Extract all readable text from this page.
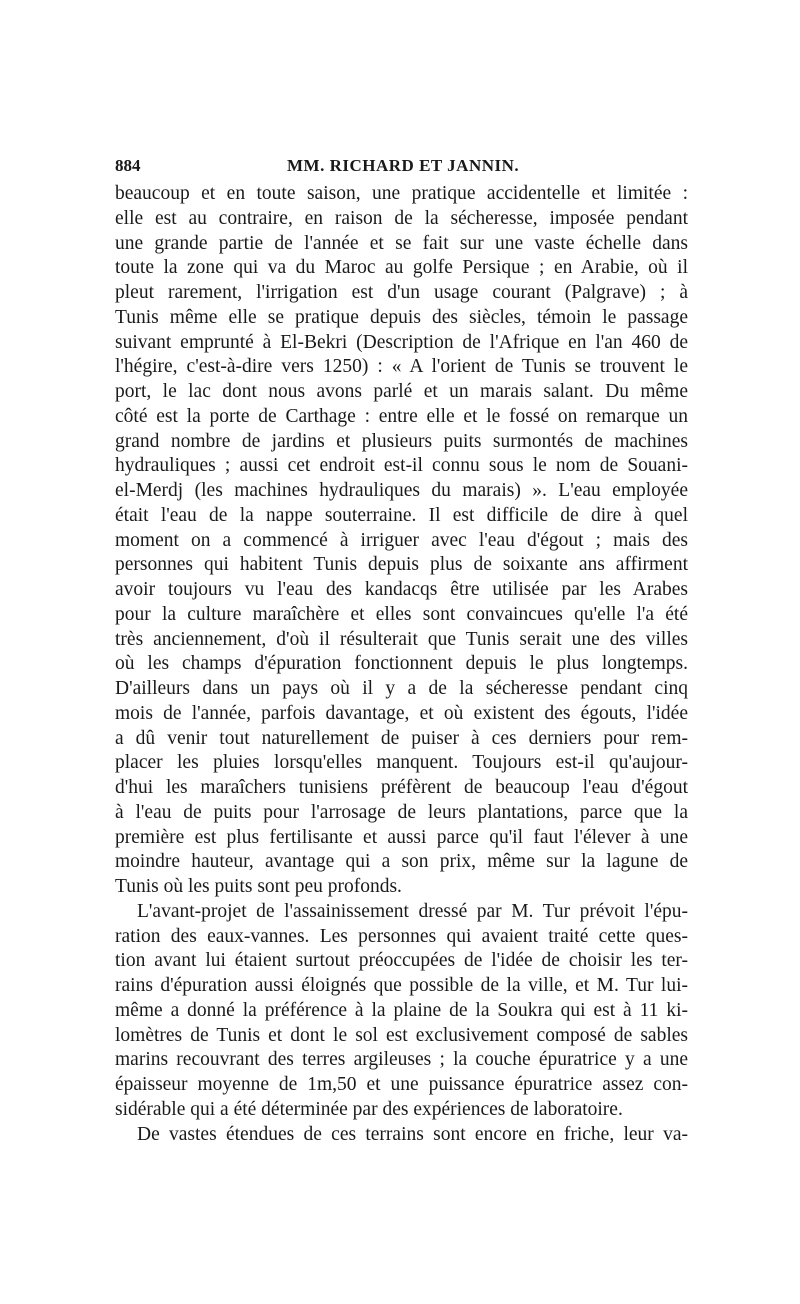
884	MM. RICHARD ET JANNIN.
beaucoup et en toute saison, une pratique accidentelle et limitée :
elle est au contraire, en raison de la sécheresse, imposée pendant
une grande partie de l'année et se fait sur une vaste échelle dans
toute la zone qui va du Maroc au golfe Persique ; en Arabie, où il
pleut rarement, l'irrigation est d'un usage courant (Palgrave) ; à
Tunis même elle se pratique depuis des siècles, témoin le passage
suivant emprunté à El-Bekri (Description de l'Afrique en l'an 460 de
l'hégire, c'est-à-dire vers 1250) : « A l'orient de Tunis se trouvent le
port, le lac dont nous avons parlé et un marais salant. Du même
côté est la porte de Carthage : entre elle et le fossé on remarque un
grand nombre de jardins et plusieurs puits surmontés de machines
hydrauliques ; aussi cet endroit est-il connu sous le nom de Souani-
el-Merdj (les machines hydrauliques du marais) ». L'eau employée
était l'eau de la nappe souterraine. Il est difficile de dire à quel
moment on a commencé à irriguer avec l'eau d'égout ; mais des
personnes qui habitent Tunis depuis plus de soixante ans affirment
avoir toujours vu l'eau des kandacqs être utilisée par les Arabes
pour la culture maraîchère et elles sont convaincues qu'elle l'a été
très anciennement, d'où il résulterait que Tunis serait une des villes
où les champs d'épuration fonctionnent depuis le plus longtemps.
D'ailleurs dans un pays où il y a de la sécheresse pendant cinq
mois de l'année, parfois davantage, et où existent des égouts, l'idée
a dû venir tout naturellement de puiser à ces derniers pour rem-
placer les pluies lorsqu'elles manquent. Toujours est-il qu'aujour-
d'hui les maraîchers tunisiens préfèrent de beaucoup l'eau d'égout
à l'eau de puits pour l'arrosage de leurs plantations, parce que la
première est plus fertilisante et aussi parce qu'il faut l'élever à une
moindre hauteur, avantage qui a son prix, même sur la lagune de
Tunis où les puits sont peu profonds.
L'avant-projet de l'assainissement dressé par M. Tur prévoit l'épu-
ration des eaux-vannes. Les personnes qui avaient traité cette ques-
tion avant lui étaient surtout préoccupées de l'idée de choisir les ter-
rains d'épuration aussi éloignés que possible de la ville, et M. Tur lui-
même a donné la préférence à la plaine de la Soukra qui est à 11 ki-
lomètres de Tunis et dont le sol est exclusivement composé de sables
marins recouvrant des terres argileuses ; la couche épuratrice y a une
épaisseur moyenne de 1m,50 et une puissance épuratrice assez con-
sidérable qui a été déterminée par des expériences de laboratoire.
De vastes étendues de ces terrains sont encore en friche, leur va-
